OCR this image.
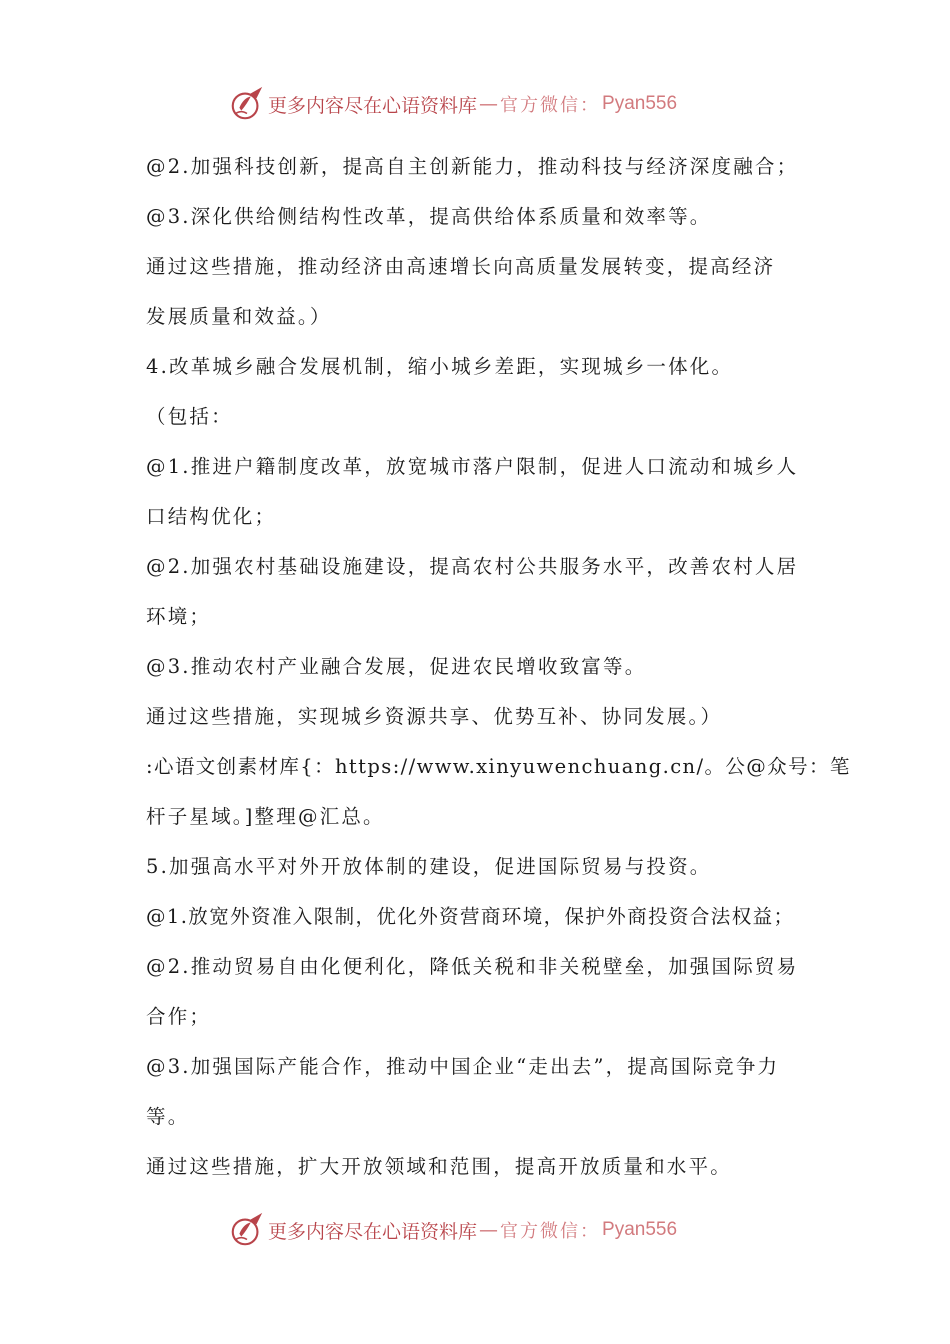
更多内容尽在心语资料库 — 官方微信： Pyan556
@2.加强科技创新，提高自主创新能力，推动科技与经济深度融合；
@3.深化供给侧结构性改革，提高供给体系质量和效率等。
通过这些措施，推动经济由高速增长向高质量发展转变，提高经济
发展质量和效益。）
4.改革城乡融合发展机制，缩小城乡差距，实现城乡一体化。
（包括：
@1.推进户籍制度改革，放宽城市落户限制，促进人口流动和城乡人
口结构优化；
@2.加强农村基础设施建设，提高农村公共服务水平，改善农村人居
环境；
@3.推动农村产业融合发展，促进农民增收致富等。
通过这些措施，实现城乡资源共享、优势互补、协同发展。）
:心语文创素材库{：https://www.xinyuwenchuang.cn/。公@众号：笔
杆子星域。]整理@汇总。
5.加强高水平对外开放体制的建设，促进国际贸易与投资。
@1.放宽外资准入限制，优化外资营商环境，保护外商投资合法权益；
@2.推动贸易自由化便利化，降低关税和非关税壁垒，加强国际贸易
合作；
@3.加强国际产能合作，推动中国企业“走出去”，提高国际竞争力
等。
通过这些措施，扩大开放领域和范围，提高开放质量和水平。
更多内容尽在心语资料库 — 官方微信： Pyan556
